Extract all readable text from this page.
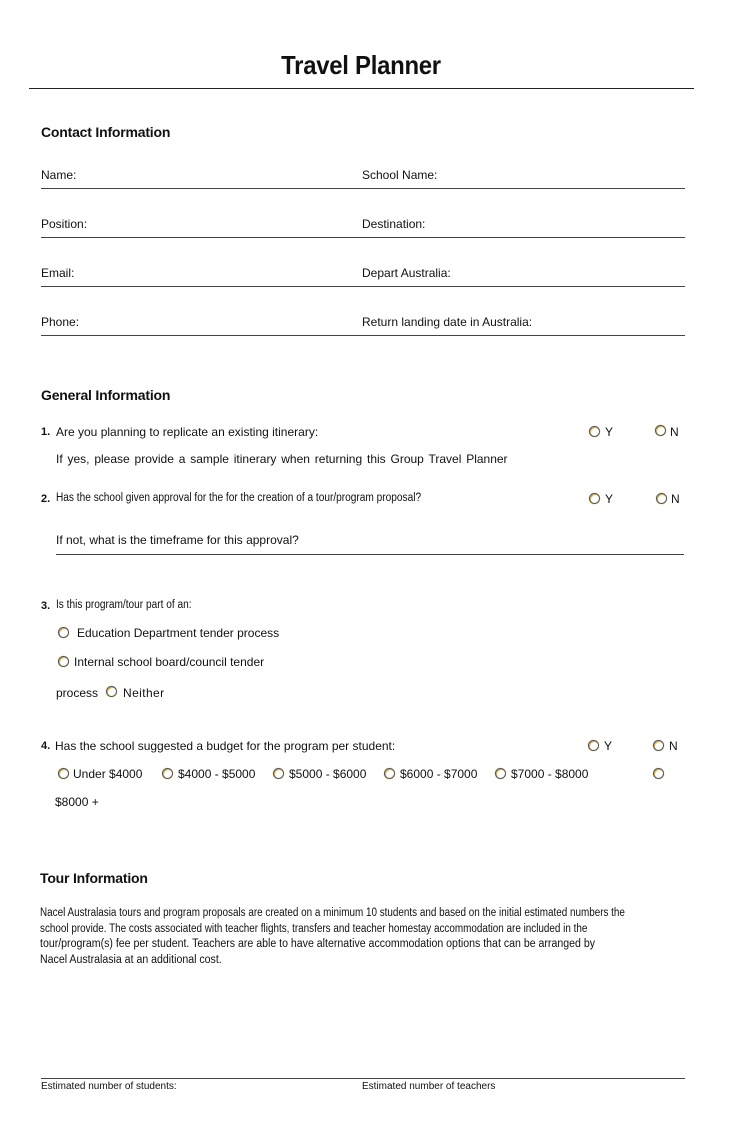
Travel Planner
Contact Information
Name:	School Name:
Position:	Destination:
Email:	Depart Australia:
Phone:	Return landing date in Australia:
General Information
1. Are you planning to replicate an existing itinerary:	Y	N
If yes, please provide a sample itinerary when returning this Group Travel Planner
2. Has the school given approval for the for the creation of a tour/program proposal?	Y	N
If not, what is the timeframe for this approval?
3. Is this program/tour part of an:
Education Department tender process
Internal school board/council tender
process Neither
4. Has the school suggested a budget for the program per student:	Y	N
Under $4000	$4000 - $5000	$5000 - $6000	$6000 - $7000	$7000 - $8000
$8000 +
Tour Information
Nacel Australasia tours and program proposals are created on a minimum 10 students and based on the initial estimated numbers the
school provide. The costs associated with teacher flights, transfers and teacher homestay accommodation are included in the
tour/program(s) fee per student. Teachers are able to have alternative accommodation options that can be arranged by
Nacel Australasia at an additional cost.
Estimated number of students:	Estimated number of teachers
